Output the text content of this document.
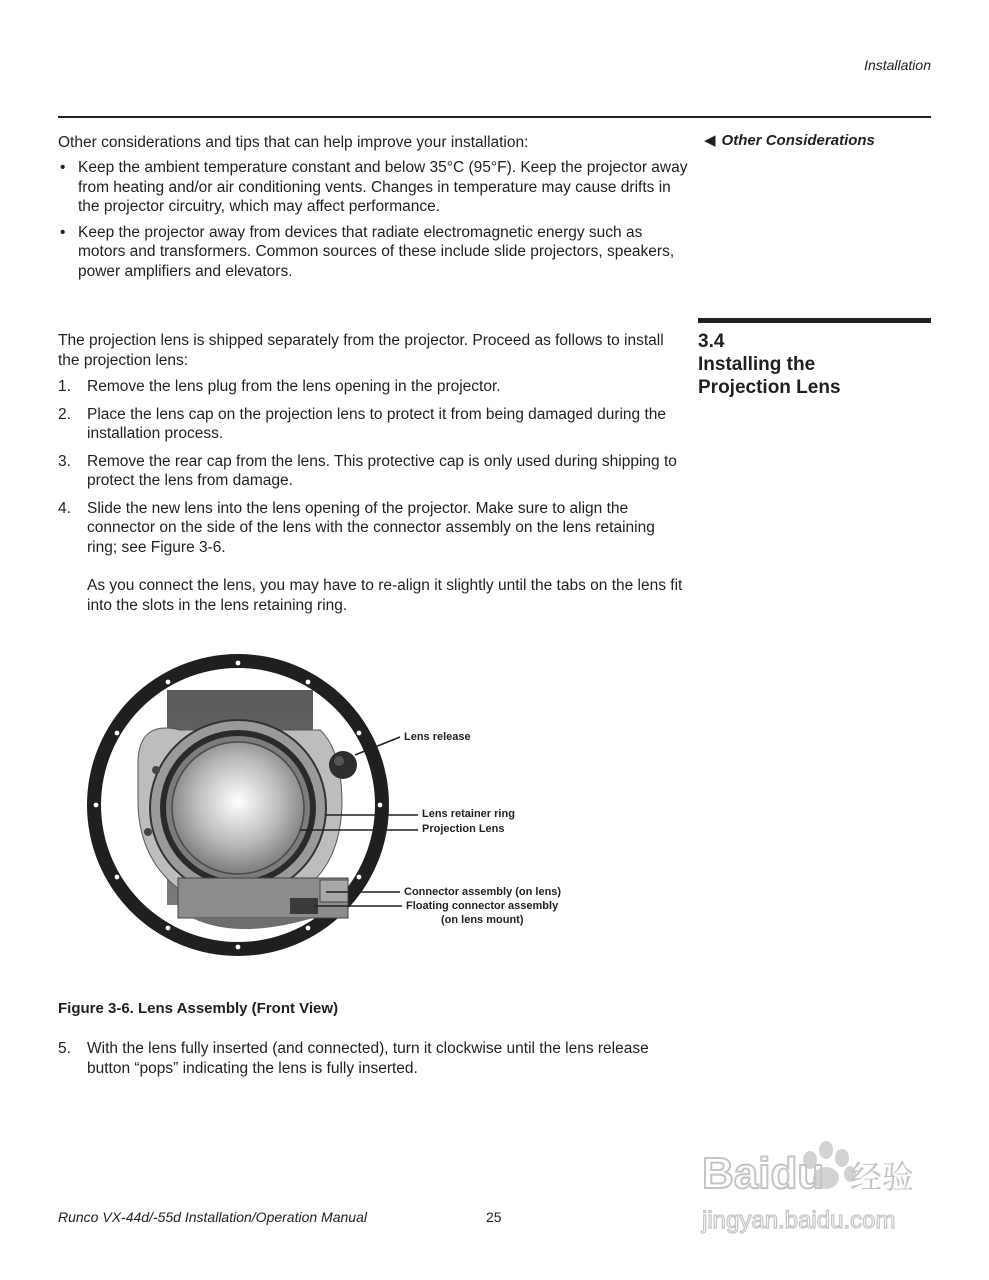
Installation
◀ Other Considerations
Other considerations and tips that can help improve your installation:
• Keep the ambient temperature constant and below 35°C (95°F). Keep the projector away from heating and/or air conditioning vents. Changes in temperature may cause drifts in the projector circuitry, which may affect performance.
• Keep the projector away from devices that radiate electromagnetic energy such as motors and transformers. Common sources of these include slide projectors, speakers, power amplifiers and elevators.
3.4
Installing the
Projection Lens
The projection lens is shipped separately from the projector. Proceed as follows to install the projection lens:
1. Remove the lens plug from the lens opening in the projector.
2. Place the lens cap on the projection lens to protect it from being damaged during the installation process.
3. Remove the rear cap from the lens. This protective cap is only used during shipping to protect the lens from damage.
4. Slide the new lens into the lens opening of the projector. Make sure to align the connector on the side of the lens with the connector assembly on the lens retaining ring; see Figure 3-6.
As you connect the lens, you may have to re-align it slightly until the tabs on the lens fit into the slots in the lens retaining ring.
Lens release
Lens retainer ring
Projection Lens
Connector assembly (on lens)
Floating connector assembly
(on lens mount)
Figure 3-6. Lens Assembly (Front View)
5. With the lens fully inserted (and connected), turn it clockwise until the lens release button “pops” indicating the lens is fully inserted.
Runco VX-44d/-55d Installation/Operation Manual	25
Baidu 经验
jingyan.baidu.com
